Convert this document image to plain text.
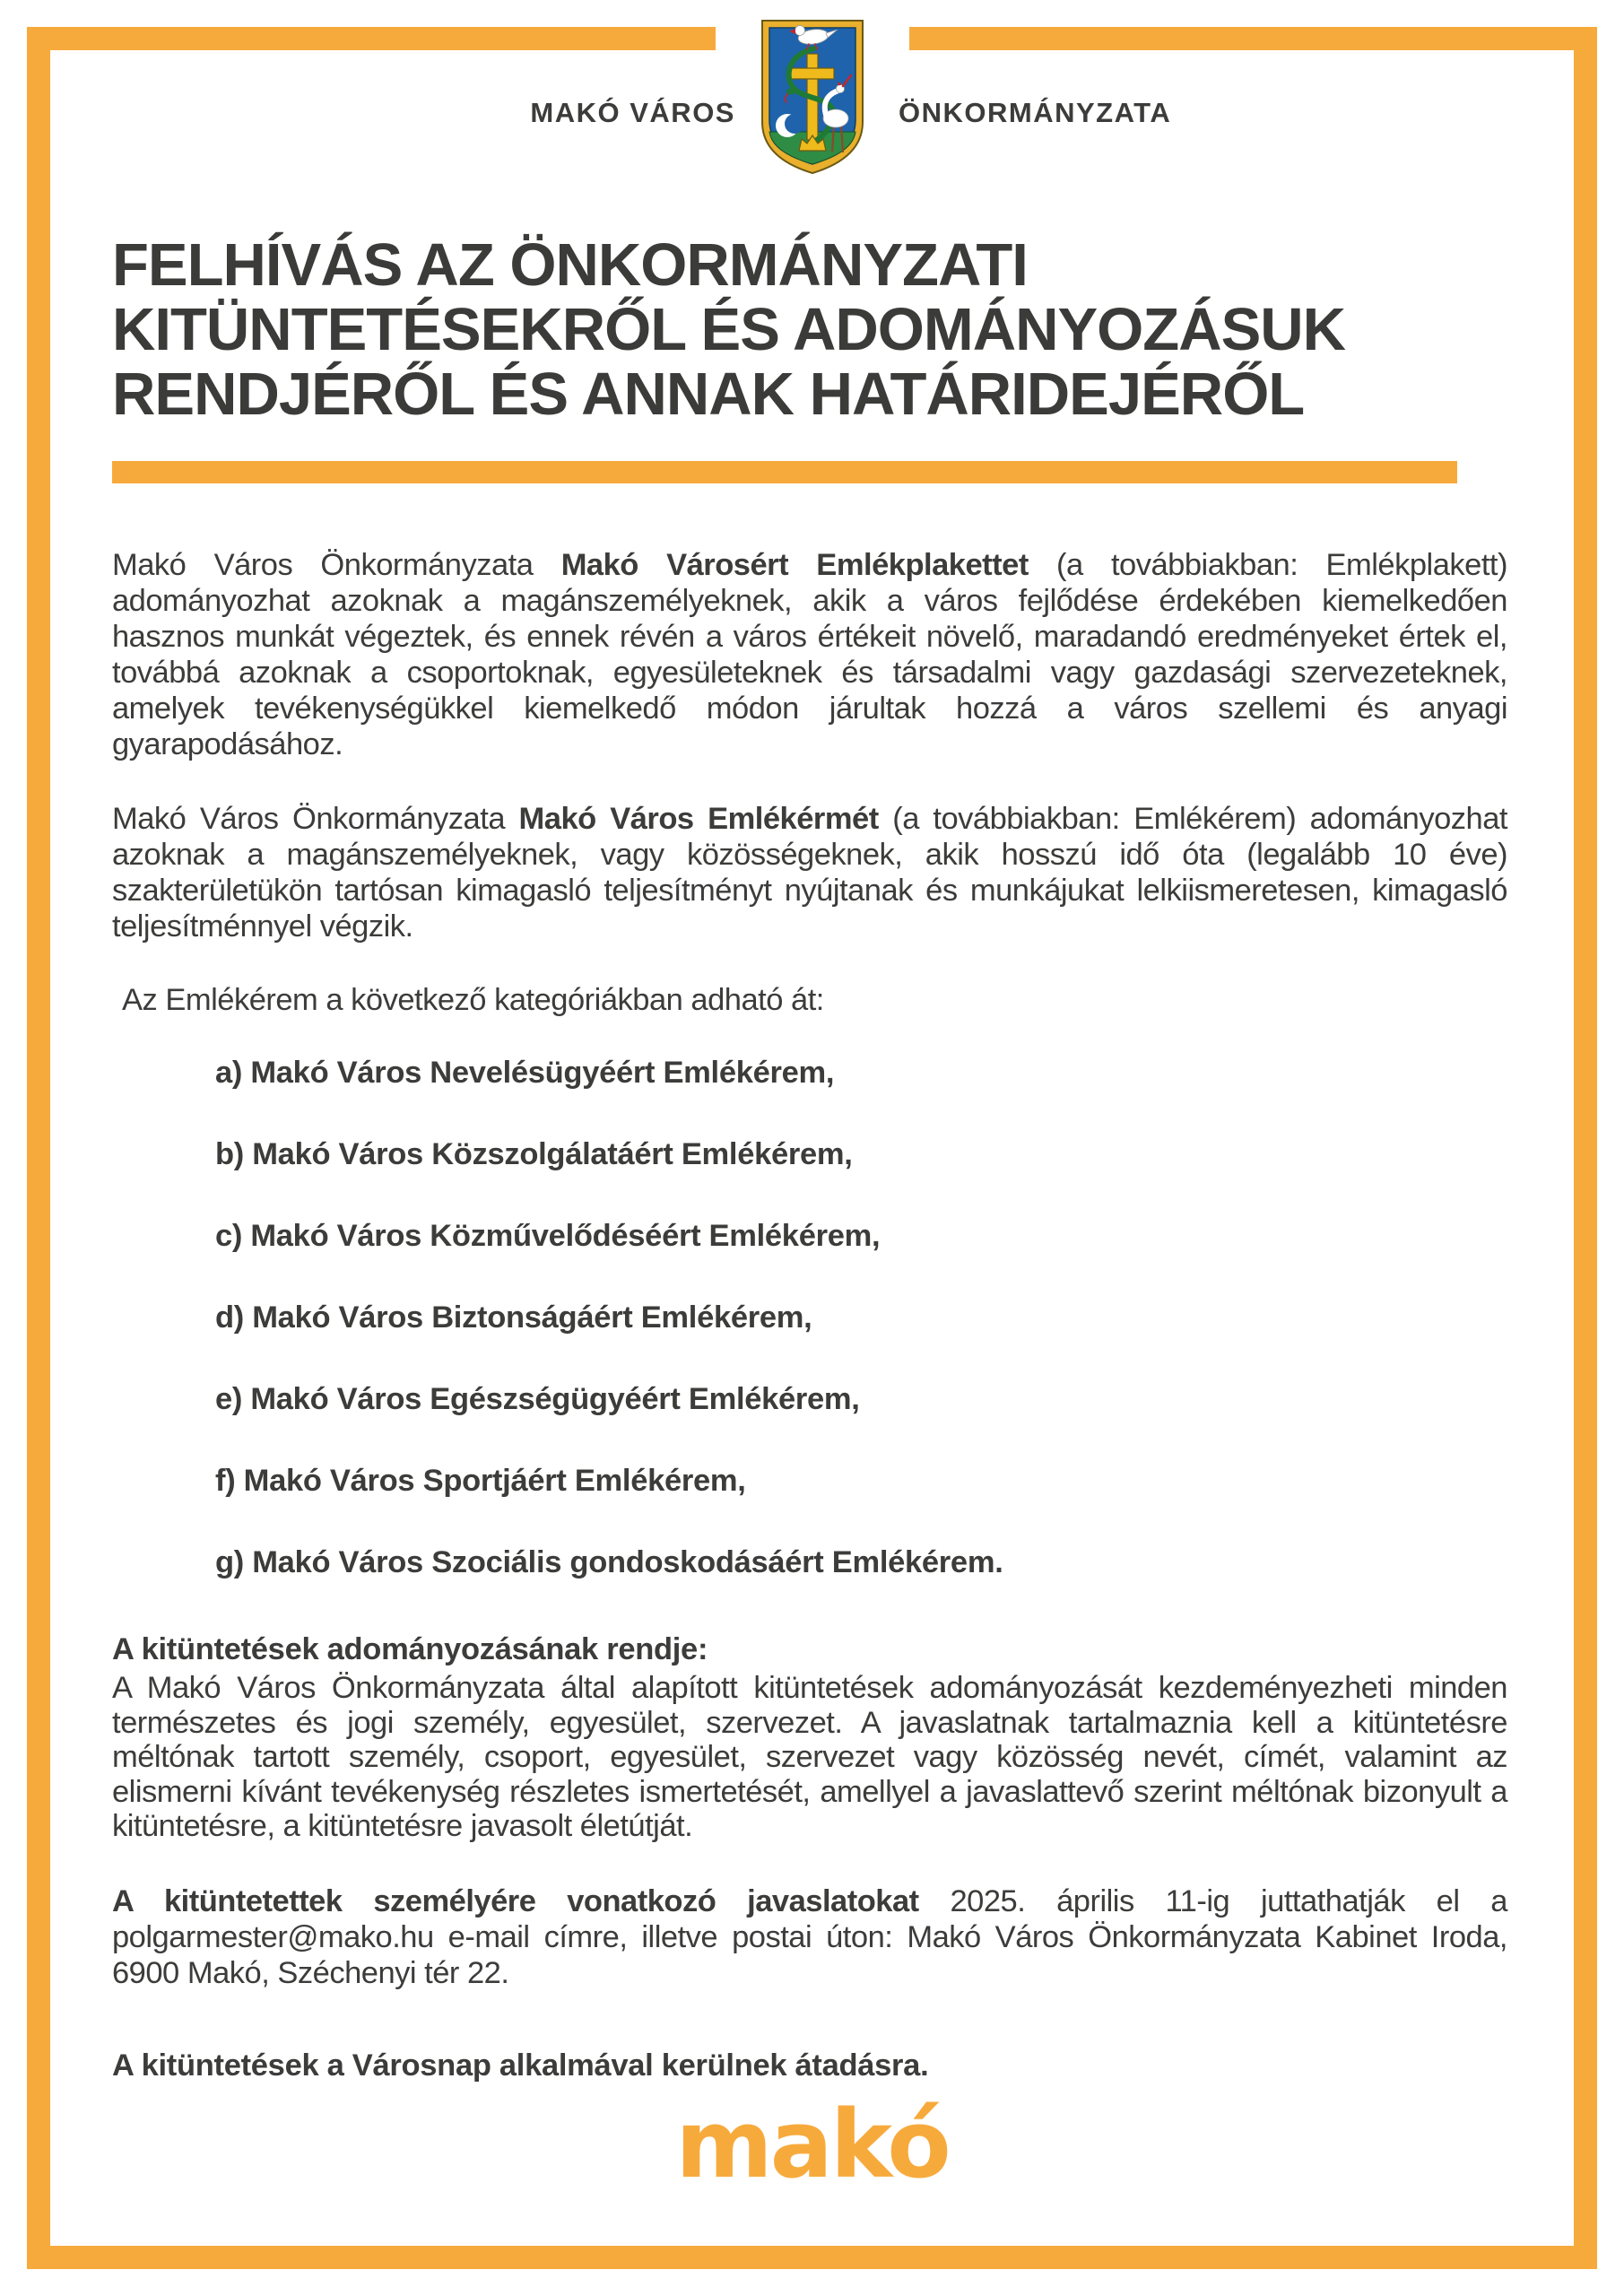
MAKÓ VÁROS	ÖNKORMÁNYZATA
FELHÍVÁS AZ ÖNKORMÁNYZATI
KITÜNTETÉSEKRŐL ÉS ADOMÁNYOZÁSUK
RENDJÉRŐL ÉS ANNAK HATÁRIDEJÉRŐL

Makó Város Önkormányzata Makó Városért Emlékplakettet (a továbbiakban: Emlékplakett) adományozhat azoknak a magánszemélyeknek, akik a város fejlődése érdekében kiemelkedően hasznos munkát végeztek, és ennek révén a város értékeit növelő, maradandó eredményeket értek el, továbbá azoknak a csoportoknak, egyesületeknek és társadalmi vagy gazdasági szervezeteknek, amelyek tevékenységükkel kiemelkedő módon járultak hozzá a város szellemi és anyagi gyarapodásához.

Makó Város Önkormányzata Makó Város Emlékérmét (a továbbiakban: Emlékérem) adományozhat azoknak a magánszemélyeknek, vagy közösségeknek, akik hosszú idő óta (legalább 10 éve) szakterületükön tartósan kimagasló teljesítményt nyújtanak és munkájukat lelkiismeretesen, kimagasló teljesítménnyel végzik.

Az Emlékérem a következő kategóriákban adható át:

a) Makó Város Nevelésügyéért Emlékérem,

b) Makó Város Közszolgálatáért Emlékérem,

c) Makó Város Közművelődéséért Emlékérem,

d) Makó Város Biztonságáért Emlékérem,

e) Makó Város Egészségügyéért Emlékérem,

f) Makó Város Sportjáért Emlékérem,

g) Makó Város Szociális gondoskodásáért Emlékérem.

A kitüntetések adományozásának rendje:

A Makó Város Önkormányzata által alapított kitüntetések adományozását kezdeményezheti minden természetes és jogi személy, egyesület, szervezet. A javaslatnak tartalmaznia kell a kitüntetésre méltónak tartott személy, csoport, egyesület, szervezet vagy közösség nevét, címét, valamint az elismerni kívánt tevékenység részletes ismertetését, amellyel a javaslattevő szerint méltónak bizonyult a kitüntetésre, a kitüntetésre javasolt életútját.

A kitüntetettek személyére vonatkozó javaslatokat 2025. április 11-ig juttathatják el a polgarmester@mako.hu e-mail címre, illetve postai úton: Makó Város Önkormányzata Kabinet Iroda, 6900 Makó, Széchenyi tér 22.

A kitüntetések a Városnap alkalmával kerülnek átadásra.

makó
